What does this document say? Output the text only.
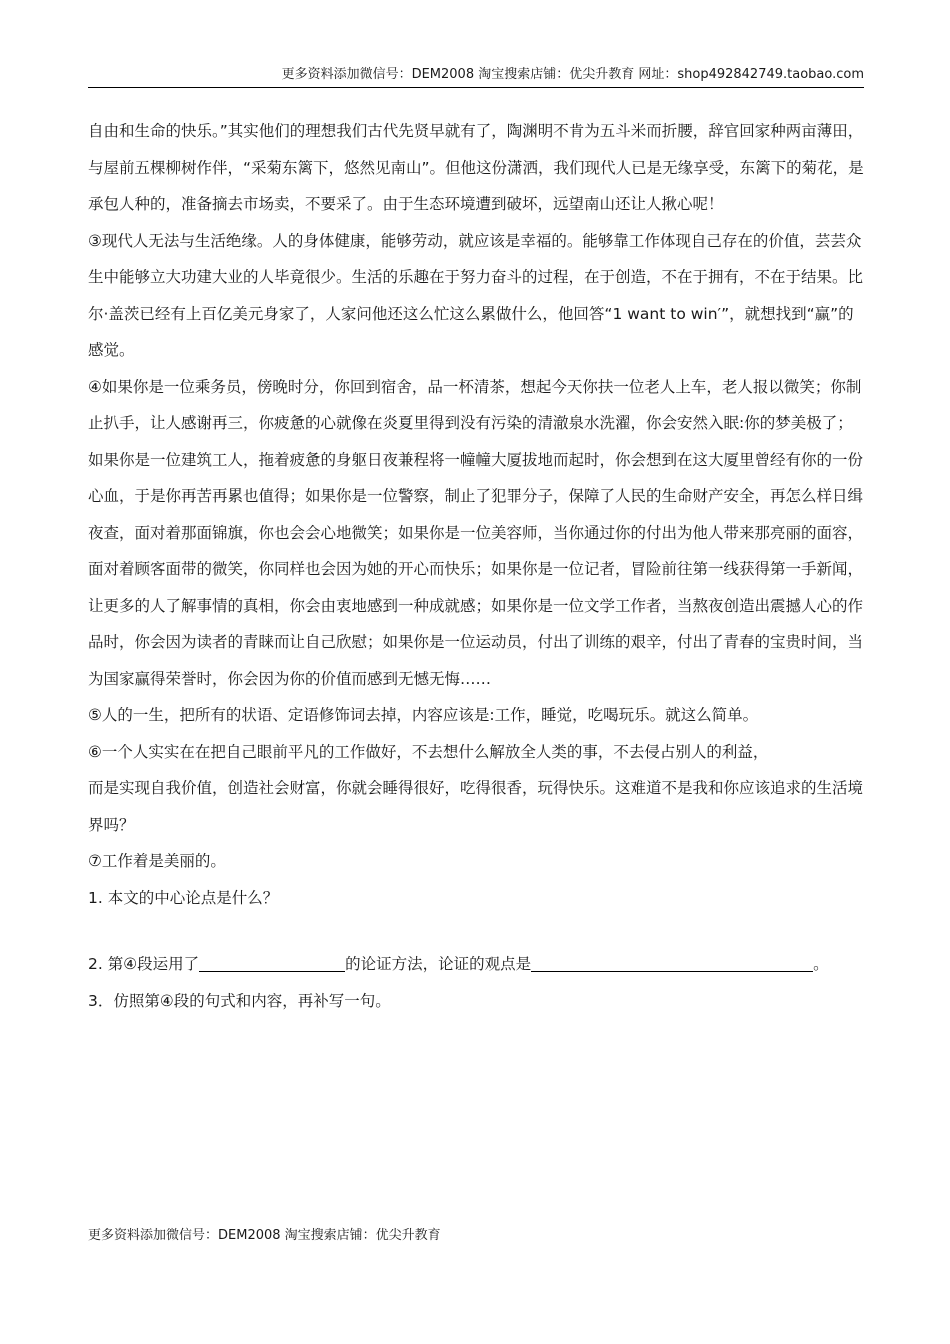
更多资料添加微信号：DEM2008 淘宝搜索店铺：优尖升教育 网址：shop492842749.taobao.com

自由和生命的快乐。”其实他们的理想我们古代先贤早就有了，陶渊明不肯为五斗米而折腰，辞官回家种两亩薄田，与屋前五棵柳树作伴，“采菊东篱下，悠然见南山”。但他这份潇洒，我们现代人已是无缘享受，东篱下的菊花，是承包人种的，准备摘去市场卖，不要采了。由于生态环境遭到破坏，远望南山还让人揪心呢！

③现代人无法与生活绝缘。人的身体健康，能够劳动，就应该是幸福的。能够靠工作体现自己存在的价值，芸芸众生中能够立大功建大业的人毕竟很少。生活的乐趣在于努力奋斗的过程，在于创造，不在于拥有，不在于结果。比尔·盖茨已经有上百亿美元身家了，人家问他还这么忙这么累做什么，他回答“1 want to win′”，就想找到“赢”的感觉。

④如果你是一位乘务员，傍晚时分，你回到宿舍，品一杯清茶，想起今天你扶一位老人上车，老人报以微笑；你制止扒手，让人感谢再三，你疲惫的心就像在炎夏里得到没有污染的清澈泉水洗濯，你会安然入眠:你的梦美极了；如果你是一位建筑工人，拖着疲惫的身躯日夜兼程将一幢幢大厦拔地而起时，你会想到在这大厦里曾经有你的一份心血，于是你再苦再累也值得；如果你是一位警察，制止了犯罪分子，保障了人民的生命财产安全，再怎么样日缉夜查，面对着那面锦旗，你也会会心地微笑；如果你是一位美容师，当你通过你的付出为他人带来那亮丽的面容，面对着顾客面带的微笑，你同样也会因为她的开心而快乐；如果你是一位记者，冒险前往第一线获得第一手新闻，让更多的人了解事情的真相，你会由衷地感到一种成就感；如果你是一位文学工作者，当熬夜创造出震撼人心的作品时，你会因为读者的青睐而让自己欣慰；如果你是一位运动员，付出了训练的艰辛，付出了青春的宝贵时间，当为国家赢得荣誉时，你会因为你的价值而感到无憾无悔……

⑤人的一生，把所有的状语、定语修饰词去掉，内容应该是:工作，睡觉，吃喝玩乐。就这么简单。

⑥一个人实实在在把自己眼前平凡的工作做好，不去想什么解放全人类的事，不去侵占别人的利益，

而是实现自我价值，创造社会财富，你就会睡得很好，吃得很香，玩得快乐。这难道不是我和你应该追求的生活境界吗？

⑦工作着是美丽的。

1. 本文的中心论点是什么？

2. 第④段运用了	的论证方法，论证的观点是	。

3．仿照第④段的句式和内容，再补写一句。

更多资料添加微信号：DEM2008 淘宝搜索店铺：优尖升教育
